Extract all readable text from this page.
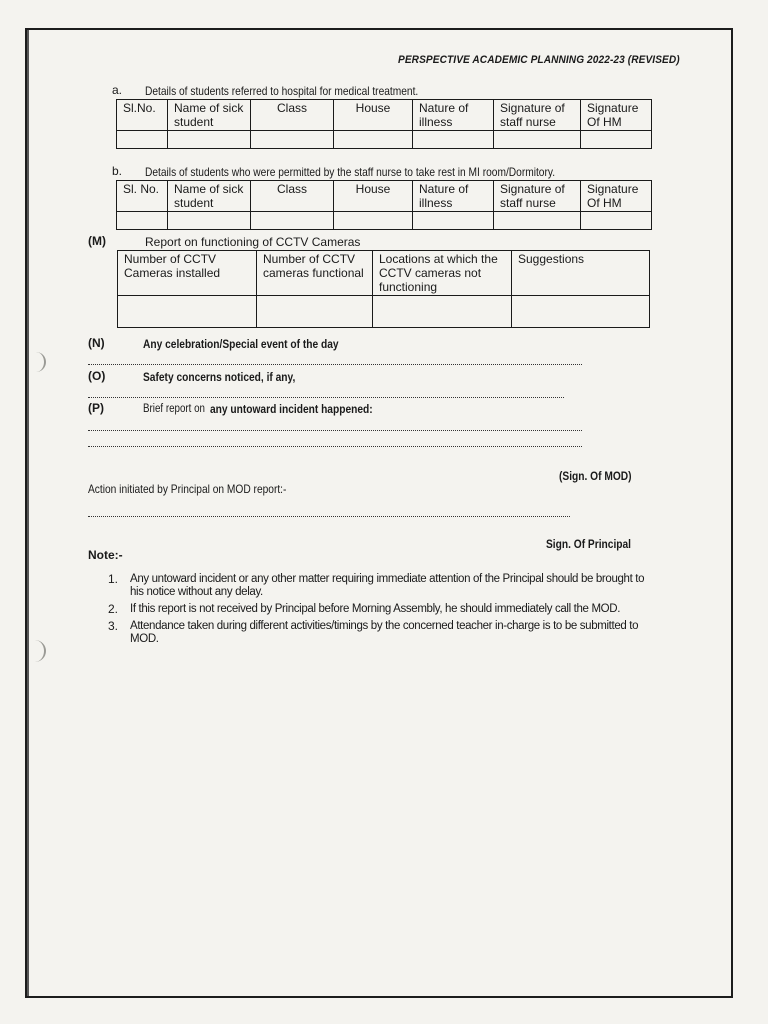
PERSPECTIVE ACADEMIC PLANNING 2022-23 (REVISED)
a. Details of students referred to hospital for medical treatment.
Sl.No.	Name of sick student	Class	House	Nature of illness	Signature of staff nurse	Signature Of HM

b. Details of students who were permitted by the staff nurse to take rest in MI room/Dormitory.
Sl. No.	Name of sick student	Class	House	Nature of illness	Signature of staff nurse	Signature Of HM

(M)	Report on functioning of CCTV Cameras
Number of CCTV Cameras installed	Number of CCTV cameras functional	Locations at which the CCTV cameras not functioning	Suggestions

(N)	Any celebration/Special event of the day
(O)	Safety concerns noticed, if any,
(P)	Brief report on any untoward incident happened:
(Sign. Of MOD)
Action initiated by Principal on MOD report:-
Sign. Of Principal
Note:-
1.	Any untoward incident or any other matter requiring immediate attention of the Principal should be brought to his notice without any delay.
2.	If this report is not received by Principal before Morning Assembly, he should immediately call the MOD.
3.	Attendance taken during different activities/timings by the concerned teacher in-charge is to be submitted to MOD.
